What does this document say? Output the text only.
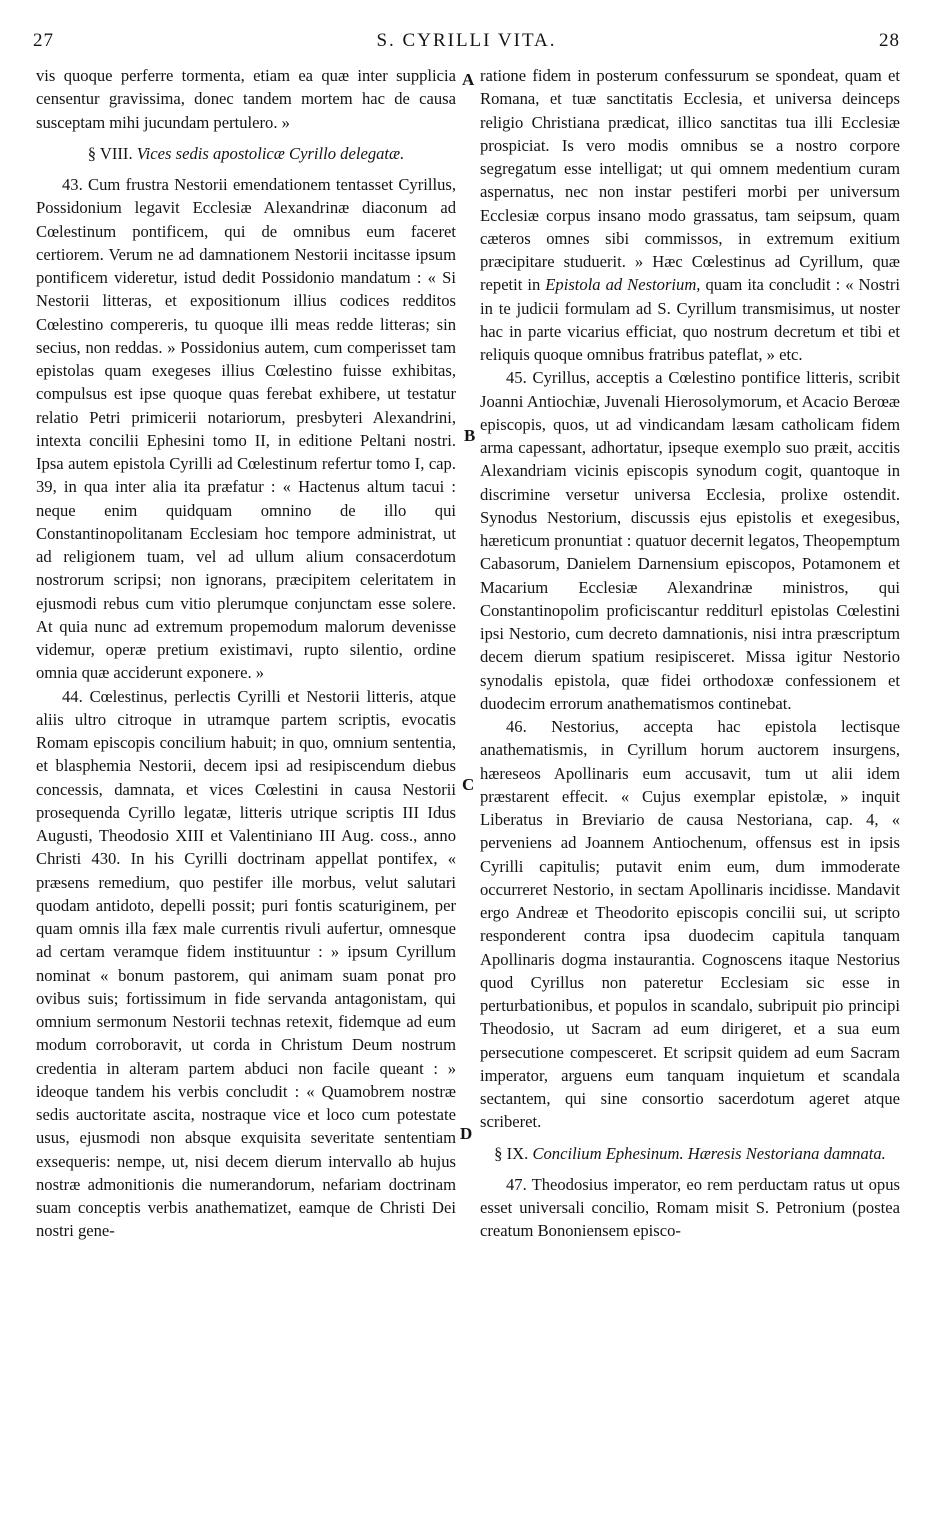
27	S. CYRILLI VITA.	28
A
B
C
D

vis quoque perferre tormenta, etiam ea quæ inter supplicia censentur gravissima, donec tandem mortem hac de causa susceptam mihi jucundam pertulero. »

§ VIII. Vices sedis apostolicæ Cyrillo delegatæ.

43. Cum frustra Nestorii emendationem tentasset Cyrillus, Possidonium legavit Ecclesiæ Alexandrinæ diaconum ad Cœlestinum pontificem, qui de omnibus eum faceret certiorem. Verum ne ad damnationem Nestorii incitasse ipsum pontificem videretur, istud dedit Possidonio mandatum : « Si Nestorii litteras, et expositionum illius codices redditos Cœlestino compereris, tu quoque illi meas redde litteras; sin secius, non reddas. » Possidonius autem, cum comperisset tam epistolas quam exegeses illius Cœlestino fuisse exhibitas, compulsus est ipse quoque quas ferebat exhibere, ut testatur relatio Petri primicerii notariorum, presbyteri Alexandrini, intexta concilii Ephesini tomo II, in editione Peltani nostri. Ipsa autem epistola Cyrilli ad Cœlestinum refertur tomo I, cap. 39, in qua inter alia ita præfatur : « Hactenus altum tacui : neque enim quidquam omnino de illo qui Constantinopolitanam Ecclesiam hoc tempore administrat, ut ad religionem tuam, vel ad ullum alium consacerdotum nostrorum scripsi; non ignorans, præcipitem celeritatem in ejusmodi rebus cum vitio plerumque conjunctam esse solere. At quia nunc ad extremum propemodum malorum devenisse videmur, operæ pretium existimavi, rupto silentio, ordine omnia quæ acciderunt exponere. »

44. Cœlestinus, perlectis Cyrilli et Nestorii litteris, atque aliis ultro citroque in utramque partem scriptis, evocatis Romam episcopis concilium habuit; in quo, omnium sententia, et blasphemia Nestorii, decem ipsi ad resipiscendum diebus concessis, damnata, et vices Cœlestini in causa Nestorii prosequenda Cyrillo legatæ, litteris utrique scriptis III Idus Augusti, Theodosio XIII et Valentiniano III Aug. coss., anno Christi 430. In his Cyrilli doctrinam appellat pontifex, « præsens remedium, quo pestifer ille morbus, velut salutari quodam antidoto, depelli possit; puri fontis scaturiginem, per quam omnis illa fæx male currentis rivuli aufertur, omnesque ad certam veramque fidem instituuntur : » ipsum Cyrillum nominat « bonum pastorem, qui animam suam ponat pro ovibus suis; fortissimum in fide servanda antagonistam, qui omnium sermonum Nestorii technas retexit, fidemque ad eum modum corroboravit, ut corda in Christum Deum nostrum credentia in alteram partem abduci non facile queant : » ideoque tandem his verbis concludit : « Quamobrem nostræ sedis auctoritate ascita, nostraque vice et loco cum potestate usus, ejusmodi non absque exquisita severitate sententiam exsequeris: nempe, ut, nisi decem dierum intervallo ab hujus nostræ admonitionis die numerandorum, nefariam doctrinam suam conceptis verbis anathematizet, eamque de Christi Dei nostri gene-

ratione fidem in posterum confessurum se spondeat, quam et Romana, et tuæ sanctitatis Ecclesia, et universa deinceps religio Christiana prædicat, illico sanctitas tua illi Ecclesiæ prospiciat. Is vero modis omnibus se a nostro corpore segregatum esse intelligat; ut qui omnem medentium curam aspernatus, nec non instar pestiferi morbi per universum Ecclesiæ corpus insano modo grassatus, tam seipsum, quam cæteros omnes sibi commissos, in extremum exitium præcipitare studuerit. » Hæc Cœlestinus ad Cyrillum, quæ repetit in Epistola ad Nestorium, quam ita concludit : « Nostri in te judicii formulam ad S. Cyrillum transmisimus, ut noster hac in parte vicarius efficiat, quo nostrum decretum et tibi et reliquis quoque omnibus fratribus pateflat, » etc.

45. Cyrillus, acceptis a Cœlestino pontifice litteris, scribit Joanni Antiochiæ, Juvenali Hierosolymorum, et Acacio Berœæ episcopis, quos, ut ad vindicandam læsam catholicam fidem arma capessant, adhortatur, ipseque exemplo suo præit, accitis Alexandriam vicinis episcopis synodum cogit, quantoque in discrimine versetur universa Ecclesia, prolixe ostendit. Synodus Nestorium, discussis ejus epistolis et exegesibus, hæreticum pronuntiat : quatuor decernit legatos, Theopemptum Cabasorum, Danielem Darnensium episcopos, Potamonem et Macarium Ecclesiæ Alexandrinæ ministros, qui Constantinopolim proficiscantur redditurl epistolas Cœlestini ipsi Nestorio, cum decreto damnationis, nisi intra præscriptum decem dierum spatium resipisceret. Missa igitur Nestorio synodalis epistola, quæ fidei orthodoxæ confessionem et duodecim errorum anathematismos continebat.

46. Nestorius, accepta hac epistola lectisque anathematismis, in Cyrillum horum auctorem insurgens, hæreseos Apollinaris eum accusavit, tum ut alii idem præstarent effecit. « Cujus exemplar epistolæ, » inquit Liberatus in Breviario de causa Nestoriana, cap. 4, « perveniens ad Joannem Antiochenum, offensus est in ipsis Cyrilli capitulis; putavit enim eum, dum immoderate occurreret Nestorio, in sectam Apollinaris incidisse. Mandavit ergo Andreæ et Theodorito episcopis concilii sui, ut scripto responderent contra ipsa duodecim capitula tanquam Apollinaris dogma instaurantia. Cognoscens itaque Nestorius quod Cyrillus non pateretur Ecclesiam sic esse in perturbationibus, et populos in scandalo, subripuit pio principi Theodosio, ut Sacram ad eum dirigeret, et a sua eum persecutione compesceret. Et scripsit quidem ad eum Sacram imperator, arguens eum tanquam inquietum et scandala sectantem, qui sine consortio sacerdotum ageret atque scriberet.

§ IX. Concilium Ephesinum. Hæresis Nestoriana damnata.

47. Theodosius imperator, eo rem perductam ratus ut opus esset universali concilio, Romam misit S. Petronium (postea creatum Bononiensem episco-
